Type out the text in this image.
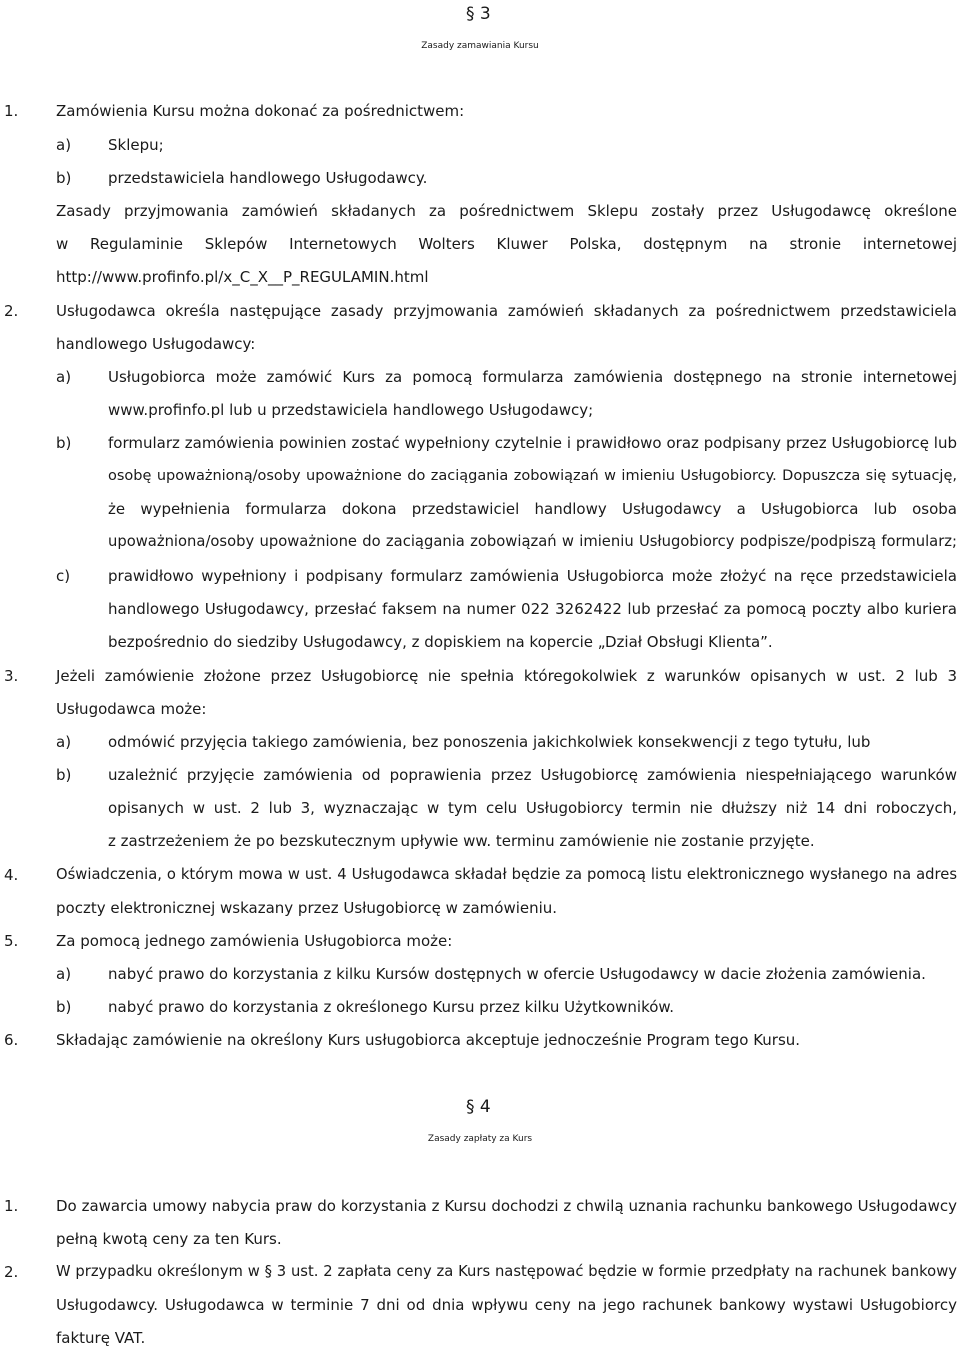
§ 3
Zasady zamawiania Kursu
1.	Zamówienia Kursu można dokonać za pośrednictwem:
a) Sklepu;
b) przedstawiciela handlowego Usługodawcy.
Zasady przyjmowania zamówień składanych za pośrednictwem Sklepu zostały przez Usługodawcę określone
w Regulaminie Sklepów Internetowych Wolters Kluwer Polska, dostępnym na stronie internetowej
http://www.profinfo.pl/x_C_X__P_REGULAMIN.html
2.	Usługodawca określa następujące zasady przyjmowania zamówień składanych za pośrednictwem przedstawiciela
handlowego Usługodawcy:
a) Usługobiorca może zamówić Kurs za pomocą formularza zamówienia dostępnego na stronie internetowej
www.profinfo.pl lub u przedstawiciela handlowego Usługodawcy;
b) formularz zamówienia powinien zostać wypełniony czytelnie i prawidłowo oraz podpisany przez Usługobiorcę lub
osobę upoważnioną/osoby upoważnione do zaciągania zobowiązań w imieniu Usługobiorcy. Dopuszcza się sytuację,
że wypełnienia formularza dokona przedstawiciel handlowy Usługodawcy a Usługobiorca lub osoba
upoważniona/osoby upoważnione do zaciągania zobowiązań w imieniu Usługobiorcy podpisze/podpiszą formularz;
c)	prawidłowo wypełniony i podpisany formularz zamówienia Usługobiorca może złożyć na ręce przedstawiciela
handlowego Usługodawcy, przesłać faksem na numer 022 3262422 lub przesłać za pomocą poczty albo kuriera
bezpośrednio do siedziby Usługodawcy, z dopiskiem na kopercie „Dział Obsługi Klienta”.
3.	Jeżeli zamówienie złożone przez Usługobiorcę nie spełnia któregokolwiek z warunków opisanych w ust. 2 lub 3
Usługodawca może:
a) odmówić przyjęcia takiego zamówienia, bez ponoszenia jakichkolwiek konsekwencji z tego tytułu, lub
b) uzależnić przyjęcie zamówienia od poprawienia przez Usługobiorcę zamówienia niespełniającego warunków
opisanych w ust. 2 lub 3, wyznaczając w tym celu Usługobiorcy termin nie dłuższy niż 14 dni roboczych,
z zastrzeżeniem że po bezskutecznym upływie ww. terminu zamówienie nie zostanie przyjęte.
4.	Oświadczenia, o którym mowa w ust. 4 Usługodawca składał będzie za pomocą listu elektronicznego wysłanego na adres
poczty elektronicznej wskazany przez Usługobiorcę w zamówieniu.
5.	Za pomocą jednego zamówienia Usługobiorca może:
a) nabyć prawo do korzystania z kilku Kursów dostępnych w ofercie Usługodawcy w dacie złożenia zamówienia.
b) nabyć prawo do korzystania z określonego Kursu przez kilku Użytkowników.
6.	Składając zamówienie na określony Kurs usługobiorca akceptuje jednocześnie Program tego Kursu.
§ 4
Zasady zapłaty za Kurs
1.	Do zawarcia umowy nabycia praw do korzystania z Kursu dochodzi z chwilą uznania rachunku bankowego Usługodawcy
pełną kwotą ceny za ten Kurs.
2.	W przypadku określonym w § 3 ust. 2 zapłata ceny za Kurs następować będzie w formie przedpłaty na rachunek bankowy
Usługodawcy. Usługodawca w terminie 7 dni od dnia wpływu ceny na jego rachunek bankowy wystawi Usługobiorcy
fakturę VAT.
